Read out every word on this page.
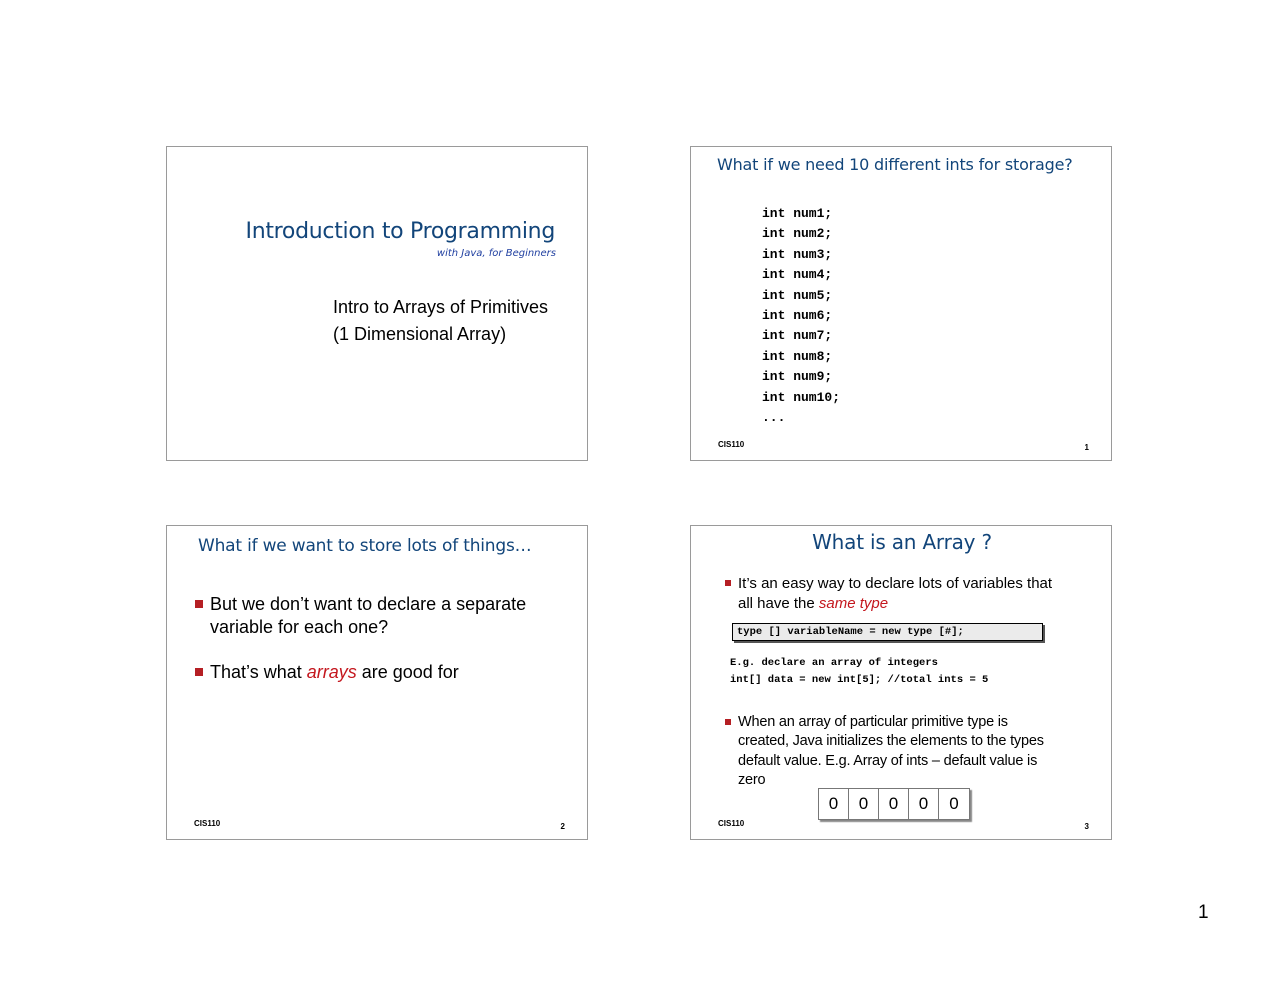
Introduction to Programming
with Java, for Beginners
Intro to Arrays of Primitives
(1 Dimensional Array)
What if we need 10 different ints for storage?
int num1;
int num2;
int num3;
int num4;
int num5;
int num6;
int num7;
int num8;
int num9;
int num10;
...
CIS110	1
What if we want to store lots of things…
But we don’t want to declare a separate
variable for each one?
That’s what arrays are good for
CIS110	2
What is an Array ?
It’s an easy way to declare lots of variables that
all have the same type
type [] variableName = new type [#];
E.g. declare an array of integers
int[] data = new int[5]; //total ints = 5
When an array of particular primitive type is
created, Java initializes the elements to the types
default value. E.g. Array of ints – default value is
zero
0	0	0	0	0
CIS110	3
1
